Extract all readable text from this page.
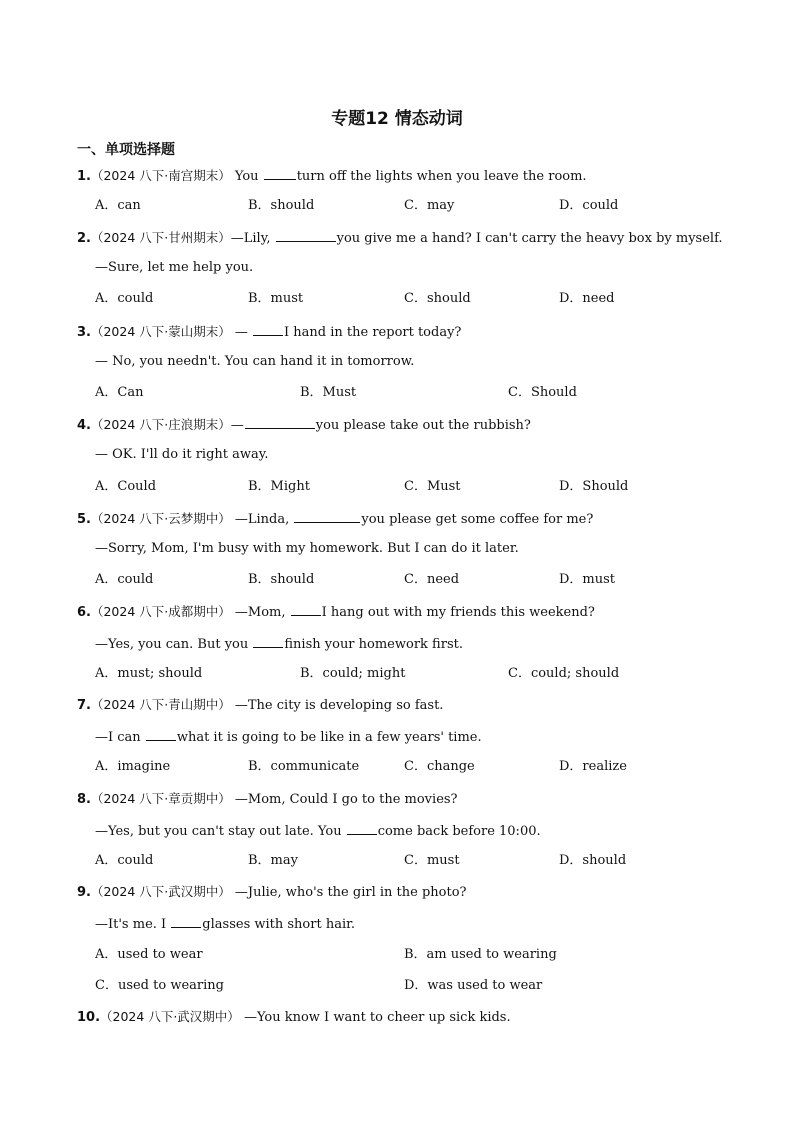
专题12 情态动词
一、单项选择题
1.（2024 八下·南宫期末） You	turn off the lights when you leave the room.
A．can	B．should	C．may	D．could
2.（2024 八下·甘州期末）—Lily,	you give me a hand? I can't carry the heavy box by myself.
—Sure, let me help you.
A．could	B．must	C．should	D．need
3.（2024 八下·蒙山期末） — I hand in the report today?
— No, you needn't. You can hand it in tomorrow.
A．Can	B．Must	C．Should
4.（2024 八下·庄浪期末）—	you please take out the rubbish?
— OK. I'll do it right away.
A．Could	B．Might	C．Must	D．Should
5.（2024 八下·云梦期中） —Linda,	you please get some coffee for me?
—Sorry, Mom, I'm busy with my homework. But I can do it later.
A．could	B．should	C．need	D．must
6.（2024 八下·成都期中） —Mom, I hang out with my friends this weekend?
—Yes, you can. But you finish your homework first.
A．must; should	B．could; might	C．could; should
7.（2024 八下·青山期中） —The city is developing so fast.
—I can what it is going to be like in a few years' time.
A．imagine	B．communicate	C．change	D．realize
8.（2024 八下·章贡期中） —Mom, Could I go to the movies?
—Yes, but you can't stay out late. You come back before 10:00.
A．could	B．may	C．must	D．should
9.（2024 八下·武汉期中） —Julie, who's the girl in the photo?
—It's me. I glasses with short hair.
A．used to wear	B．am used to wearing
C．used to wearing	D．was used to wear
10.（2024 八下·武汉期中） —You know I want to cheer up sick kids.
